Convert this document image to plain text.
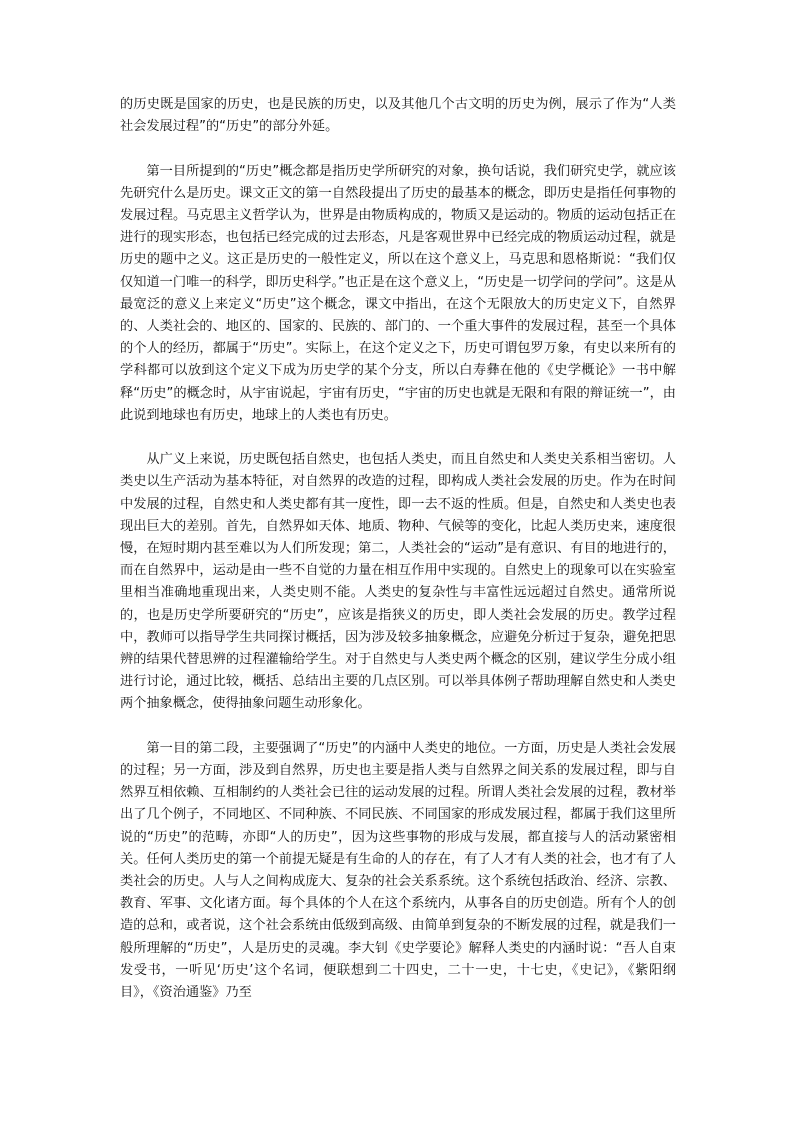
的历史既是国家的历史，也是民族的历史，以及其他几个古文明的历史为例，展示了作为“人类社会发展过程”的“历史”的部分外延。

第一目所提到的“历史”概念都是指历史学所研究的对象，换句话说，我们研究史学，就应该先研究什么是历史。课文正文的第一自然段提出了历史的最基本的概念，即历史是指任何事物的发展过程。马克思主义哲学认为，世界是由物质构成的，物质又是运动的。物质的运动包括正在进行的现实形态，也包括已经完成的过去形态，凡是客观世界中已经完成的物质运动过程，就是历史的题中之义。这正是历史的一般性定义，所以在这个意义上，马克思和恩格斯说：“我们仅仅知道一门唯一的科学，即历史科学。”也正是在这个意义上，“历史是一切学问的学问”。这是从最宽泛的意义上来定义“历史”这个概念，课文中指出，在这个无限放大的历史定义下，自然界的、人类社会的、地区的、国家的、民族的、部门的、一个重大事件的发展过程，甚至一个具体的个人的经历，都属于“历史”。实际上，在这个定义之下，历史可谓包罗万象，有史以来所有的学科都可以放到这个定义下成为历史学的某个分支，所以白寿彝在他的《史学概论》一书中解释“历史”的概念时，从宇宙说起，宇宙有历史，“宇宙的历史也就是无限和有限的辩证统一”，由此说到地球也有历史，地球上的人类也有历史。

从广义上来说，历史既包括自然史，也包括人类史，而且自然史和人类史关系相当密切。人类史以生产活动为基本特征，对自然界的改造的过程，即构成人类社会发展的历史。作为在时间中发展的过程，自然史和人类史都有其一度性，即一去不返的性质。但是，自然史和人类史也表现出巨大的差别。首先，自然界如天体、地质、物种、气候等的变化，比起人类历史来，速度很慢，在短时期内甚至难以为人们所发现；第二，人类社会的“运动”是有意识、有目的地进行的，而在自然界中，运动是由一些不自觉的力量在相互作用中实现的。自然史上的现象可以在实验室里相当准确地重现出来，人类史则不能。人类史的复杂性与丰富性远远超过自然史。通常所说的，也是历史学所要研究的“历史”，应该是指狭义的历史，即人类社会发展的历史。教学过程中，教师可以指导学生共同探讨概括，因为涉及较多抽象概念，应避免分析过于复杂，避免把思辨的结果代替思辨的过程灌输给学生。对于自然史与人类史两个概念的区别，建议学生分成小组进行讨论，通过比较，概括、总结出主要的几点区别。可以举具体例子帮助理解自然史和人类史两个抽象概念，使得抽象问题生动形象化。

第一目的第二段，主要强调了“历史”的内涵中人类史的地位。一方面，历史是人类社会发展的过程；另一方面，涉及到自然界，历史也主要是指人类与自然界之间关系的发展过程，即与自然界互相依赖、互相制约的人类社会已往的运动发展的过程。所谓人类社会发展的过程，教材举出了几个例子，不同地区、不同种族、不同民族、不同国家的形成发展过程，都属于我们这里所说的“历史”的范畴，亦即“人的历史”，因为这些事物的形成与发展，都直接与人的活动紧密相关。任何人类历史的第一个前提无疑是有生命的人的存在，有了人才有人类的社会，也才有了人类社会的历史。人与人之间构成庞大、复杂的社会关系系统。这个系统包括政治、经济、宗教、教育、军事、文化诸方面。每个具体的个人在这个系统内，从事各自的历史创造。所有个人的创造的总和，或者说，这个社会系统由低级到高级、由简单到复杂的不断发展的过程，就是我们一般所理解的“历史”，人是历史的灵魂。李大钊《史学要论》解释人类史的内涵时说：“吾人自束发受书，一听见‘历史’这个名词，便联想到二十四史，二十一史，十七史，《史记》，《紫阳纲目》，《资治通鉴》乃至
